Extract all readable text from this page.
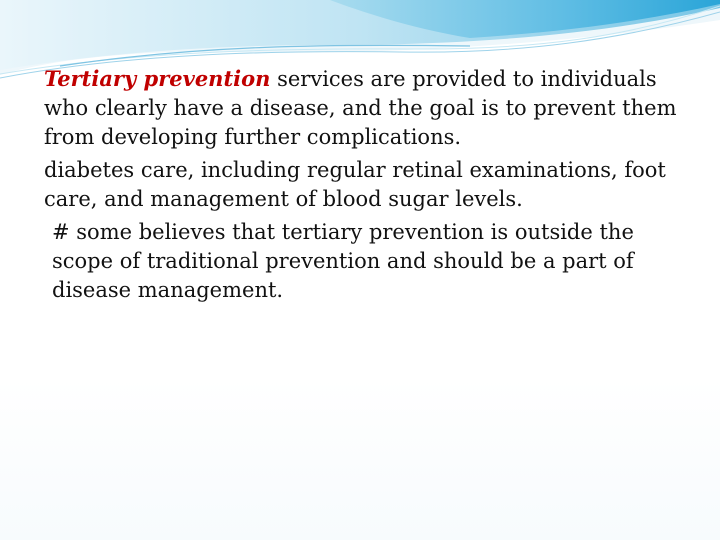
Tertiary prevention services are provided to individuals who clearly have a disease, and the goal is to prevent them from developing further complications.

diabetes care, including regular retinal examinations, foot care, and management of blood sugar levels.

# some believes that tertiary prevention is outside the scope of traditional prevention and should be a part of disease management.
